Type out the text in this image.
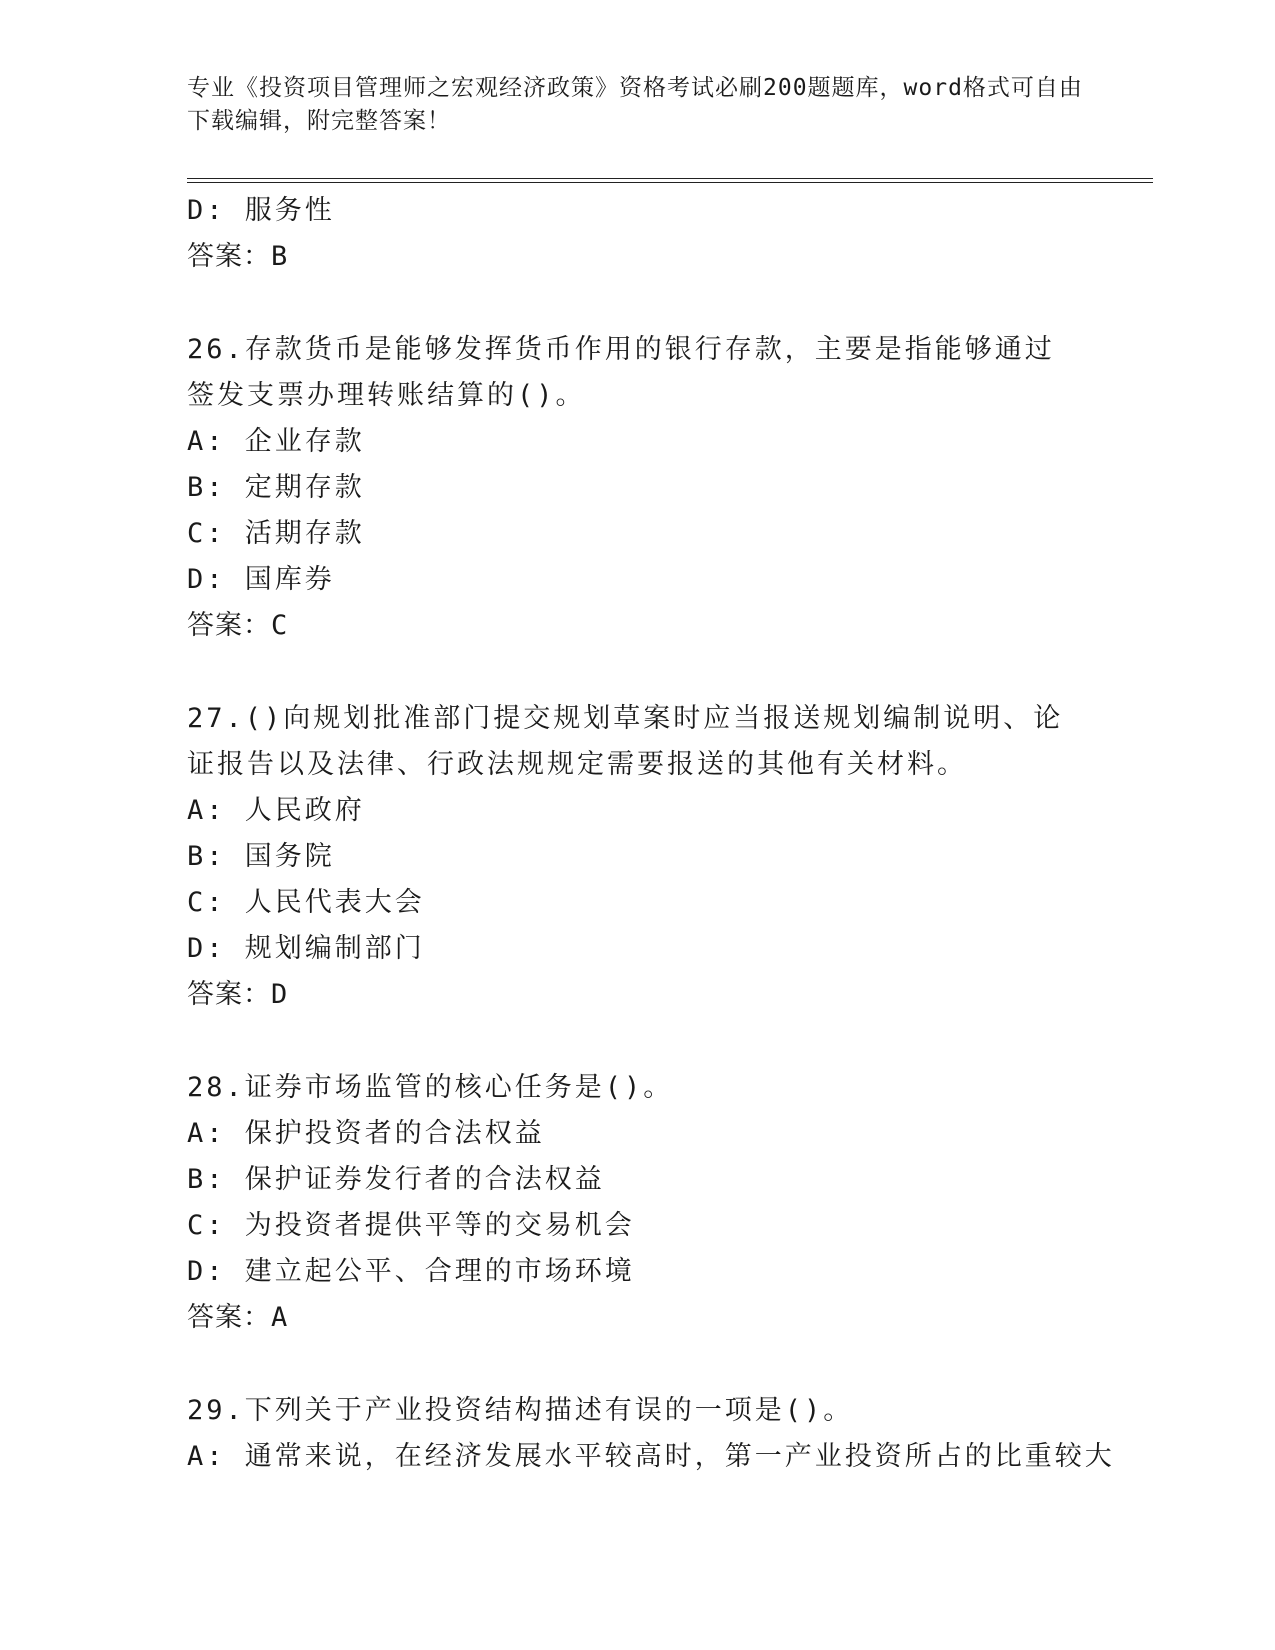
专业《投资项目管理师之宏观经济政策》资格考试必刷200题题库，word格式可自由下载编辑，附完整答案！
D: 服务性
答案：B
26.存款货币是能够发挥货币作用的银行存款，主要是指能够通过签发支票办理转账结算的()。
A: 企业存款
B: 定期存款
C: 活期存款
D: 国库券
答案：C
27.()向规划批准部门提交规划草案时应当报送规划编制说明、论证报告以及法律、行政法规规定需要报送的其他有关材料。
A: 人民政府
B: 国务院
C: 人民代表大会
D: 规划编制部门
答案：D
28.证券市场监管的核心任务是()。
A: 保护投资者的合法权益
B: 保护证券发行者的合法权益
C: 为投资者提供平等的交易机会
D: 建立起公平、合理的市场环境
答案：A
29.下列关于产业投资结构描述有误的一项是()。
A: 通常来说，在经济发展水平较高时，第一产业投资所占的比重较大
